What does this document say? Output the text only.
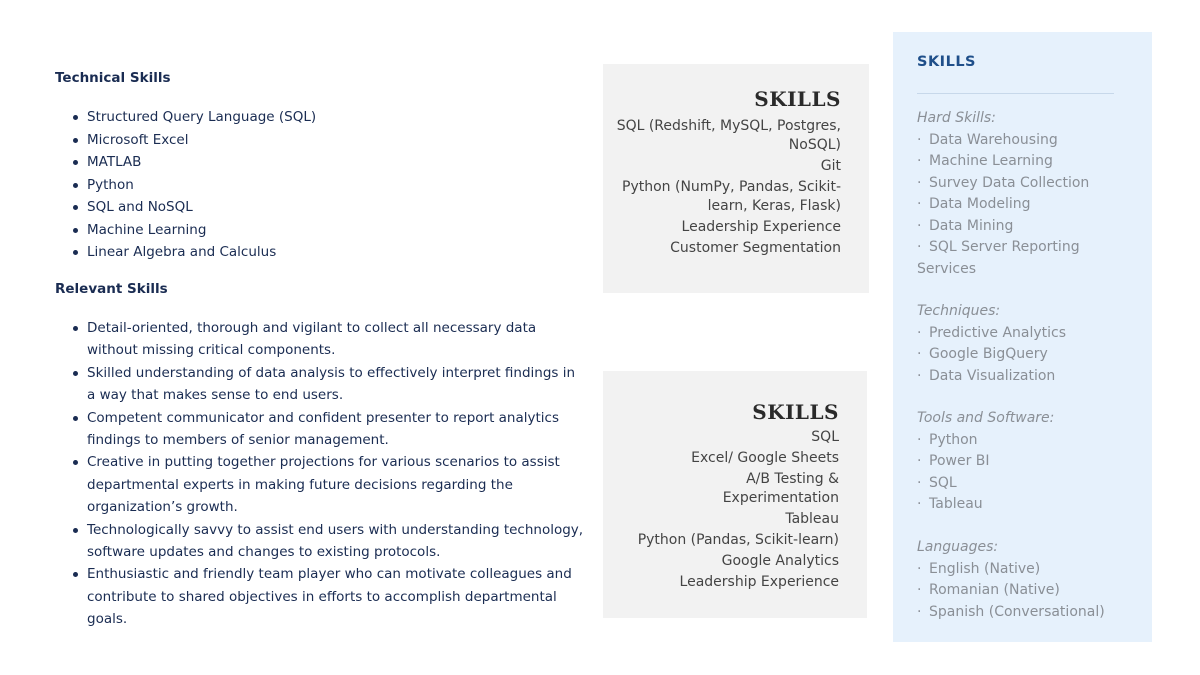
Technical Skills
Structured Query Language (SQL)
Microsoft Excel
MATLAB
Python
SQL and NoSQL
Machine Learning
Linear Algebra and Calculus
Relevant Skills
Detail-oriented, thorough and vigilant to collect all necessary data without missing critical components.
Skilled understanding of data analysis to effectively interpret findings in a way that makes sense to end users.
Competent communicator and confident presenter to report analytics findings to members of senior management.
Creative in putting together projections for various scenarios to assist departmental experts in making future decisions regarding the organization’s growth.
Technologically savvy to assist end users with understanding technology, software updates and changes to existing protocols.
Enthusiastic and friendly team player who can motivate colleagues and contribute to shared objectives in efforts to accomplish departmental goals.
SKILLS
SQL (Redshift, MySQL, Postgres, NoSQL)
Git
Python (NumPy, Pandas, Scikit-learn, Keras, Flask)
Leadership Experience
Customer Segmentation
SKILLS
SQL
Excel/ Google Sheets
A/B Testing & Experimentation
Tableau
Python (Pandas, Scikit-learn)
Google Analytics
Leadership Experience
SKILLS
Hard Skills:
· Data Warehousing
· Machine Learning
· Survey Data Collection
· Data Modeling
· Data Mining
· SQL Server Reporting
Services
Techniques:
· Predictive Analytics
· Google BigQuery
· Data Visualization
Tools and Software:
· Python
· Power BI
· SQL
· Tableau
Languages:
· English (Native)
· Romanian (Native)
· Spanish (Conversational)
